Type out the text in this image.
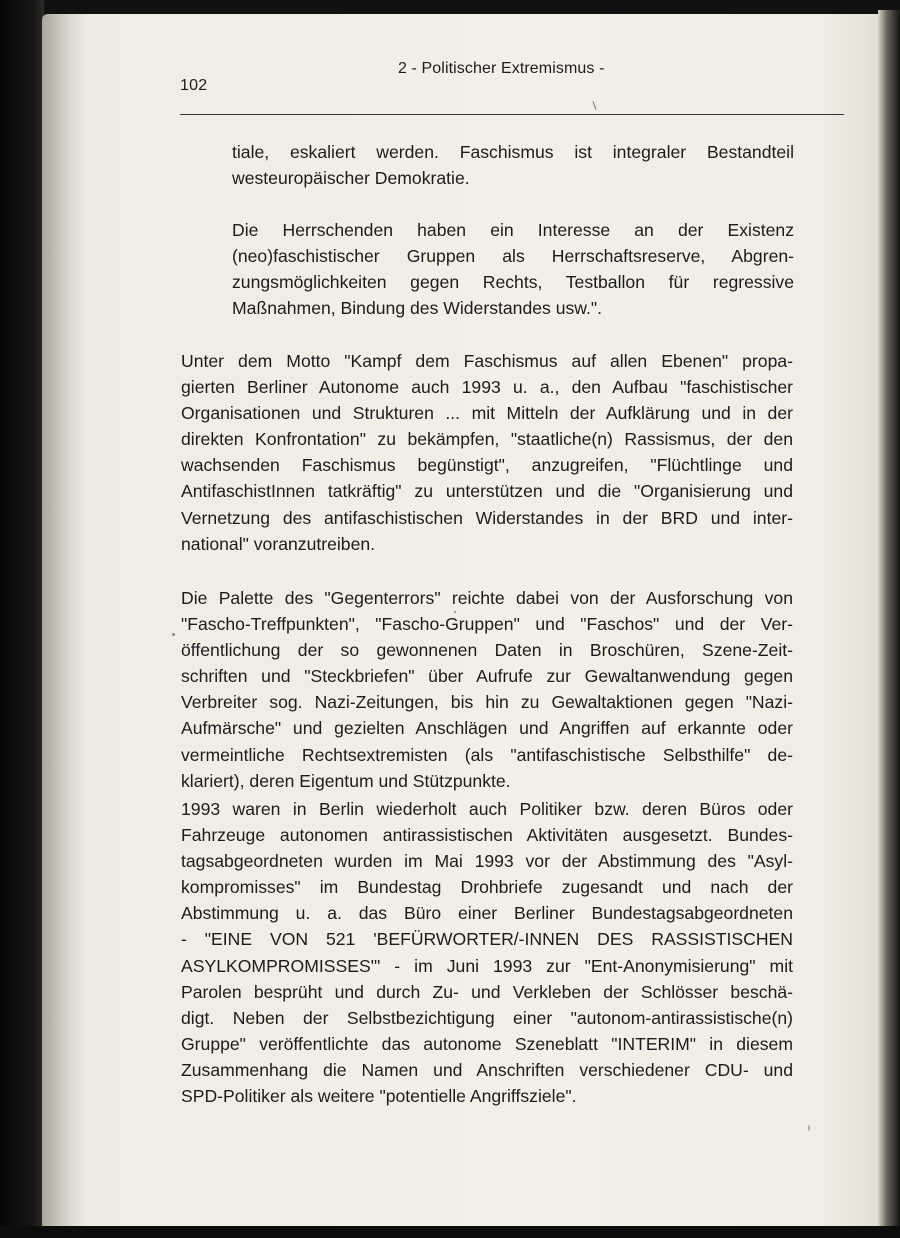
102
2 - Politischer Extremismus -
tiale, eskaliert werden. Faschismus ist integraler Bestandteil
westeuropäischer Demokratie.
Die Herrschenden haben ein Interesse an der Existenz
(neo)faschistischer Gruppen als Herrschaftsreserve, Abgren-
zungsmöglichkeiten gegen Rechts, Testballon für regressive
Maßnahmen, Bindung des Widerstandes usw.".
Unter dem Motto "Kampf dem Faschismus auf allen Ebenen" propa-
gierten Berliner Autonome auch 1993 u. a., den Aufbau "faschistischer
Organisationen und Strukturen ... mit Mitteln der Aufklärung und in der
direkten Konfrontation" zu bekämpfen, "staatliche(n) Rassismus, der den
wachsenden Faschismus begünstigt", anzugreifen, "Flüchtlinge und
AntifaschistInnen tatkräftig" zu unterstützen und die "Organisierung und
Vernetzung des antifaschistischen Widerstandes in der BRD und inter-
national" voranzutreiben.
Die Palette des "Gegenterrors" reichte dabei von der Ausforschung von
"Fascho-Treffpunkten", "Fascho-Gruppen" und "Faschos" und der Ver-
öffentlichung der so gewonnenen Daten in Broschüren, Szene-Zeit-
schriften und "Steckbriefen" über Aufrufe zur Gewaltanwendung gegen
Verbreiter sog. Nazi-Zeitungen, bis hin zu Gewaltaktionen gegen "Nazi-
Aufmärsche" und gezielten Anschlägen und Angriffen auf erkannte oder
vermeintliche Rechtsextremisten (als "antifaschistische Selbsthilfe" de-
klariert), deren Eigentum und Stützpunkte.
1993 waren in Berlin wiederholt auch Politiker bzw. deren Büros oder
Fahrzeuge autonomen antirassistischen Aktivitäten ausgesetzt. Bundes-
tagsabgeordneten wurden im Mai 1993 vor der Abstimmung des "Asyl-
kompromisses" im Bundestag Drohbriefe zugesandt und nach der
Abstimmung u. a. das Büro einer Berliner Bundestagsabgeordneten
- "EINE VON 521 'BEFÜRWORTER/-INNEN DES RASSISTISCHEN
ASYLKOMPROMISSES'" - im Juni 1993 zur "Ent-Anonymisierung" mit
Parolen besprüht und durch Zu- und Verkleben der Schlösser beschä-
digt. Neben der Selbstbezichtigung einer "autonom-antirassistische(n)
Gruppe" veröffentlichte das autonome Szeneblatt "INTERIM" in diesem
Zusammenhang die Namen und Anschriften verschiedener CDU- und
SPD-Politiker als weitere "potentielle Angriffsziele".
